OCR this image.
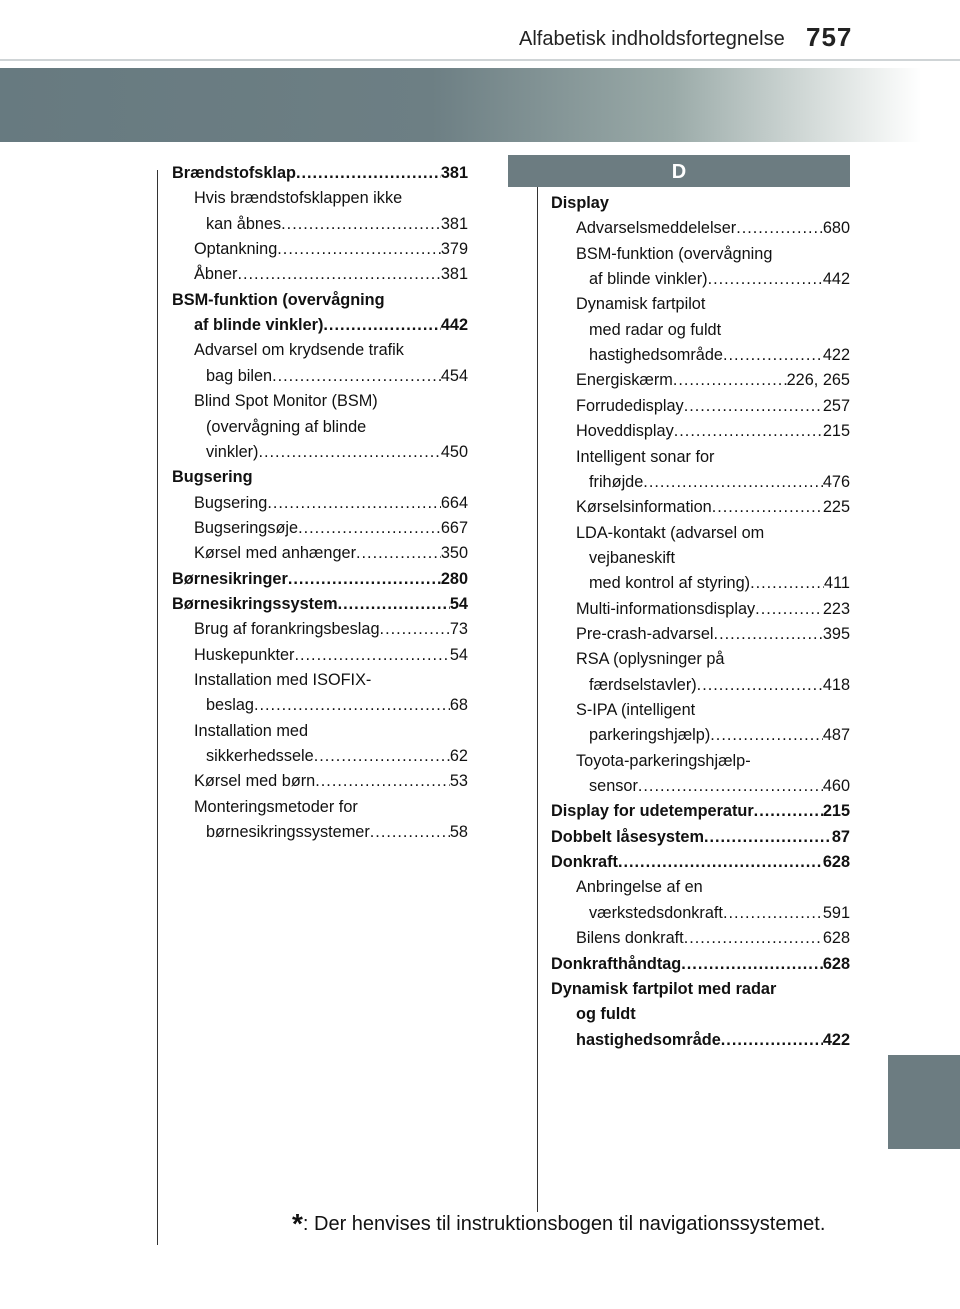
Alfabetisk indholdsfortegnelse 757
D
Brændstofsklap .....	381
Hvis brændstofsklappen ikke
kan åbnes .....	381
Optankning .....	379
Åbner .....	381
BSM-funktion (overvågning
af blinde vinkler) .....	442
Advarsel om krydsende trafik
bag bilen .....	454
Blind Spot Monitor (BSM)
(overvågning af blinde
vinkler) .....	450
Bugsering
Bugsering .....	664
Bugseringsøje .....	667
Kørsel med anhænger .....	350
Børnesikringer .....	280
Børnesikringssystem .....	54
Brug af forankringsbeslag .....	73
Huskepunkter .....	54
Installation med ISOFIX-
beslag .....	68
Installation med
sikkerhedssele .....	62
Kørsel med børn .....	53
Monteringsmetoder for
børnesikringssystemer .....	58
Display
Advarselsmeddelelser .....	680
BSM-funktion (overvågning
af blinde vinkler) .....	442
Dynamisk fartpilot
med radar og fuldt
hastighedsområde .....	422
Energiskærm .....	226, 265
Forrudedisplay .....	257
Hoveddisplay .....	215
Intelligent sonar for
frihøjde .....	476
Kørselsinformation .....	225
LDA-kontakt (advarsel om
vejbaneskift
med kontrol af styring) .....	411
Multi-informationsdisplay .....	223
Pre-crash-advarsel .....	395
RSA (oplysninger på
færdselstavler) .....	418
S-IPA (intelligent
parkeringshjælp) .....	487
Toyota-parkeringshjælp-
sensor .....	460
Display for udetemperatur .....	215
Dobbelt låsesystem .....	87
Donkraft .....	628
Anbringelse af en
værkstedsdonkraft .....	591
Bilens donkraft .....	628
Donkrafthåndtag .....	628
Dynamisk fartpilot med radar
og fuldt
hastighedsområde .....	422
*: Der henvises til instruktionsbogen til navigationssystemet.
